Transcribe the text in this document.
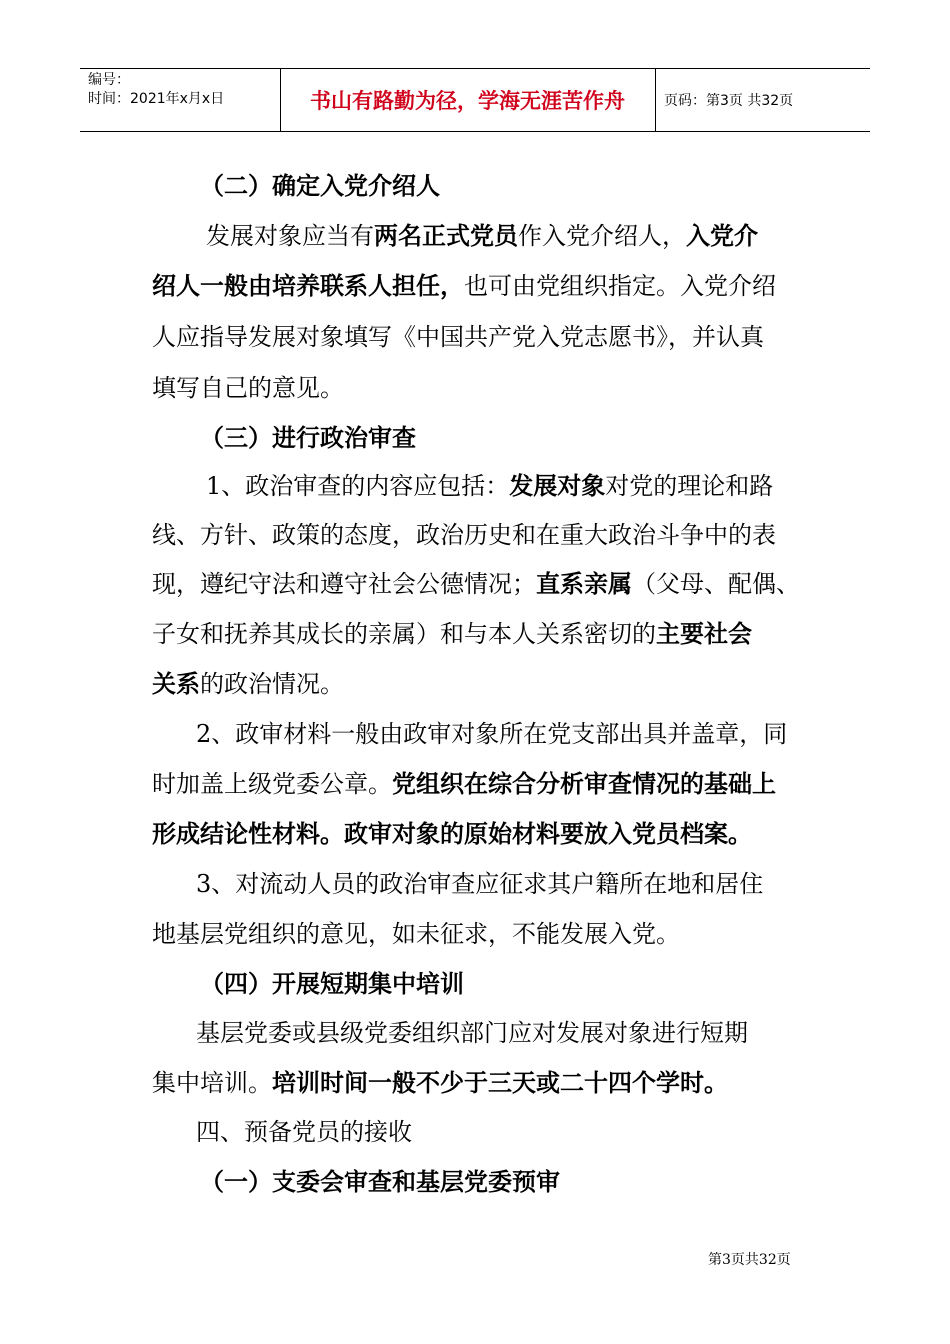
编号：
时间：2021年x月x日	书山有路勤为径，学海无涯苦作舟	页码：第3页 共32页
（二）确定入党介绍人
发展对象应当有两名正式党员作入党介绍人，入党介
绍人一般由培养联系人担任，也可由党组织指定。入党介绍
人应指导发展对象填写《中国共产党入党志愿书》，并认真
填写自己的意见。
（三）进行政治审查
1、政治审查的内容应包括：发展对象对党的理论和路
线、方针、政策的态度，政治历史和在重大政治斗争中的表
现，遵纪守法和遵守社会公德情况；直系亲属（父母、配偶、
子女和抚养其成长的亲属）和与本人关系密切的主要社会
关系的政治情况。
2、政审材料一般由政审对象所在党支部出具并盖章，同
时加盖上级党委公章。党组织在综合分析审查情况的基础上
形成结论性材料。政审对象的原始材料要放入党员档案。
3、对流动人员的政治审查应征求其户籍所在地和居住
地基层党组织的意见，如未征求，不能发展入党。
（四）开展短期集中培训
基层党委或县级党委组织部门应对发展对象进行短期
集中培训。培训时间一般不少于三天或二十四个学时。
四、预备党员的接收
（一）支委会审查和基层党委预审
第3页共32页
